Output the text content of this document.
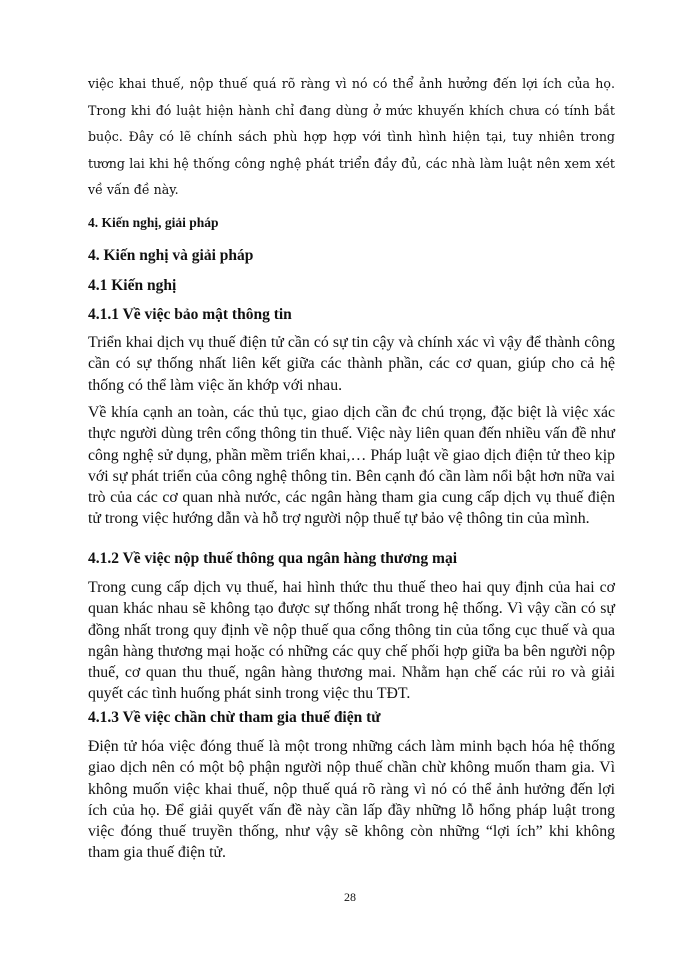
việc khai thuế, nộp thuế quá rõ ràng vì nó có thể ảnh hưởng đến lợi ích của họ. Trong khi đó luật hiện hành chỉ đang dùng ở mức khuyến khích chưa có tính bắt buộc. Đây có lẽ chính sách phù hợp hợp với tình hình hiện tại, tuy nhiên trong tương lai khi hệ thống công nghệ phát triển đầy đủ, các nhà làm luật nên xem xét về vấn đề này.
4. Kiến nghị, giải pháp
4. Kiến nghị và giải pháp
4.1 Kiến nghị
4.1.1 Về việc bảo mật thông tin

Triển khai dịch vụ thuế điện tử cần có sự tin cậy và chính xác vì vậy để thành công cần có sự thống nhất liên kết giữa các thành phần, các cơ quan, giúp cho cả hệ thống có thể làm việc ăn khớp với nhau.

Về khía cạnh an toàn, các thủ tục, giao dịch cần đc chú trọng, đặc biệt là việc xác thực người dùng trên cổng thông tin thuế. Việc này liên quan đến nhiều vấn đề như công nghệ sử dụng, phần mềm triển khai,… Pháp luật về giao dịch điện tử theo kịp với sự phát triển của công nghệ thông tin. Bên cạnh đó cần làm nổi bật hơn nữa vai trò của các cơ quan nhà nước, các ngân hàng tham gia cung cấp dịch vụ thuế điện tử trong việc hướng dẫn và hỗ trợ người nộp thuế tự bảo vệ thông tin của mình.

4.1.2 Về việc nộp thuế thông qua ngân hàng thương mại

Trong cung cấp dịch vụ thuế, hai hình thức thu thuế theo hai quy định của hai cơ quan khác nhau sẽ không tạo được sự thống nhất trong hệ thống. Vì vậy cần có sự đồng nhất trong quy định về nộp thuế qua cổng thông tin của tổng cục thuế và qua ngân hàng thương mại hoặc có những các quy chế phối hợp giữa ba bên người nộp thuế, cơ quan thu thuế, ngân hàng thương mai. Nhằm hạn chế các rủi ro và giải quyết các tình huống phát sinh trong việc thu TĐT.

4.1.3 Về việc chần chừ tham gia thuế điện tử

Điện tử hóa việc đóng thuế là một trong những cách làm minh bạch hóa hệ thống giao dịch nên có một bộ phận người nộp thuế chần chừ không muốn tham gia. Vì không muốn việc khai thuế, nộp thuế quá rõ ràng vì nó có thể ảnh hưởng đến lợi ích của họ. Để giải quyết vấn đề này cần lấp đầy những lỗ hổng pháp luật trong việc đóng thuế truyền thống, như vậy sẽ không còn những “lợi ích” khi không tham gia thuế điện tử.

28
